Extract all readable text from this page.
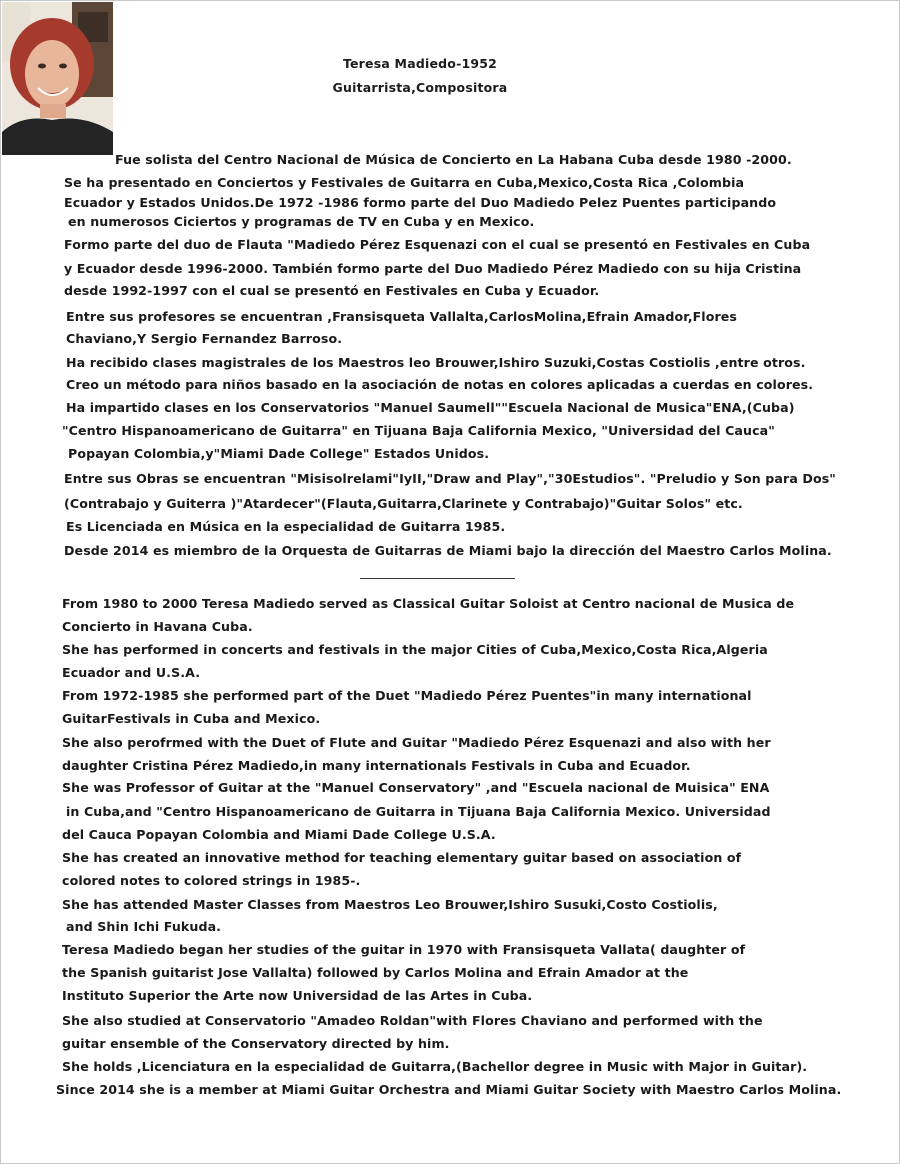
Teresa Madiedo-1952
Guitarrista,Compositora
Fue solista del Centro Nacional de Música de Concierto en La Habana Cuba desde 1980 -2000.
Se ha presentado en Conciertos y Festivales de Guitarra en Cuba,Mexico,Costa Rica ,Colombia
Ecuador y Estados Unidos.De 1972 -1986 formo parte del Duo Madiedo Pelez Puentes participando
en numerosos Ciciertos y programas de TV en Cuba y en Mexico.
Formo parte del duo de Flauta "Madiedo Pérez Esquenazi con el cual se presentó en Festivales en Cuba
y Ecuador desde 1996-2000. También formo parte del Duo Madiedo Pérez Madiedo con su hija Cristina
desde 1992-1997 con el cual se presentó en Festivales en Cuba y Ecuador.
Entre sus profesores se encuentran ,Fransisqueta Vallalta,CarlosMolina,Efrain Amador,Flores
Chaviano,Y Sergio Fernandez Barroso.
Ha recibido clases magistrales de los Maestros leo Brouwer,Ishiro Suzuki,Costas Costiolis ,entre otros.
Creo un método para niños basado en la asociación de notas en colores aplicadas a cuerdas en colores.
Ha impartido clases en los Conservatorios "Manuel Saumell""Escuela Nacional de Musica"ENA,(Cuba)
"Centro Hispanoamericano de Guitarra" en Tijuana Baja California Mexico, "Universidad del Cauca"
Popayan Colombia,y"Miami Dade College" Estados Unidos.
Entre sus Obras se encuentran "Misisolrelami"IyII,"Draw and Play","30Estudios". "Preludio y Son para Dos"
(Contrabajo y Guiterra )"Atardecer"(Flauta,Guitarra,Clarinete y Contrabajo)"Guitar Solos" etc.
Es Licenciada en Música en la especialidad de Guitarra 1985.
Desde 2014 es miembro de la Orquesta de Guitarras de Miami bajo la dirección del Maestro Carlos Molina.
From 1980 to 2000 Teresa Madiedo served as Classical Guitar Soloist at Centro nacional de Musica de
Concierto in Havana Cuba.
She has performed in concerts and festivals in the major Cities of Cuba,Mexico,Costa Rica,Algeria
Ecuador and U.S.A.
From 1972-1985 she performed part of the Duet "Madiedo Pérez Puentes"in many international
GuitarFestivals in Cuba and Mexico.
She also perofrmed with the Duet of Flute and Guitar "Madiedo Pérez Esquenazi and also with her
daughter Cristina Pérez Madiedo,in many internationals Festivals in Cuba and Ecuador.
She was Professor of Guitar at the "Manuel Conservatory" ,and "Escuela nacional de Muisica" ENA
in Cuba,and "Centro Hispanoamericano de Guitarra in Tijuana Baja California Mexico. Universidad
del Cauca Popayan Colombia and Miami Dade College U.S.A.
She has created an innovative method for teaching elementary guitar based on association of
colored notes to colored strings in 1985-.
She has attended Master Classes from Maestros Leo Brouwer,Ishiro Susuki,Costo Costiolis,
and Shin Ichi Fukuda.
Teresa Madiedo began her studies of the guitar in 1970 with Fransisqueta Vallata( daughter of
the Spanish guitarist Jose Vallalta) followed by Carlos Molina and Efrain Amador at the
Instituto Superior the Arte now Universidad de las Artes in Cuba.
She also studied at Conservatorio "Amadeo Roldan"with Flores Chaviano and performed with the
guitar ensemble of the Conservatory directed by him.
She holds ,Licenciatura en la especialidad de Guitarra,(Bachellor degree in Music with Major in Guitar).
Since 2014 she is a member at Miami Guitar Orchestra and Miami Guitar Society with Maestro Carlos Molina.
